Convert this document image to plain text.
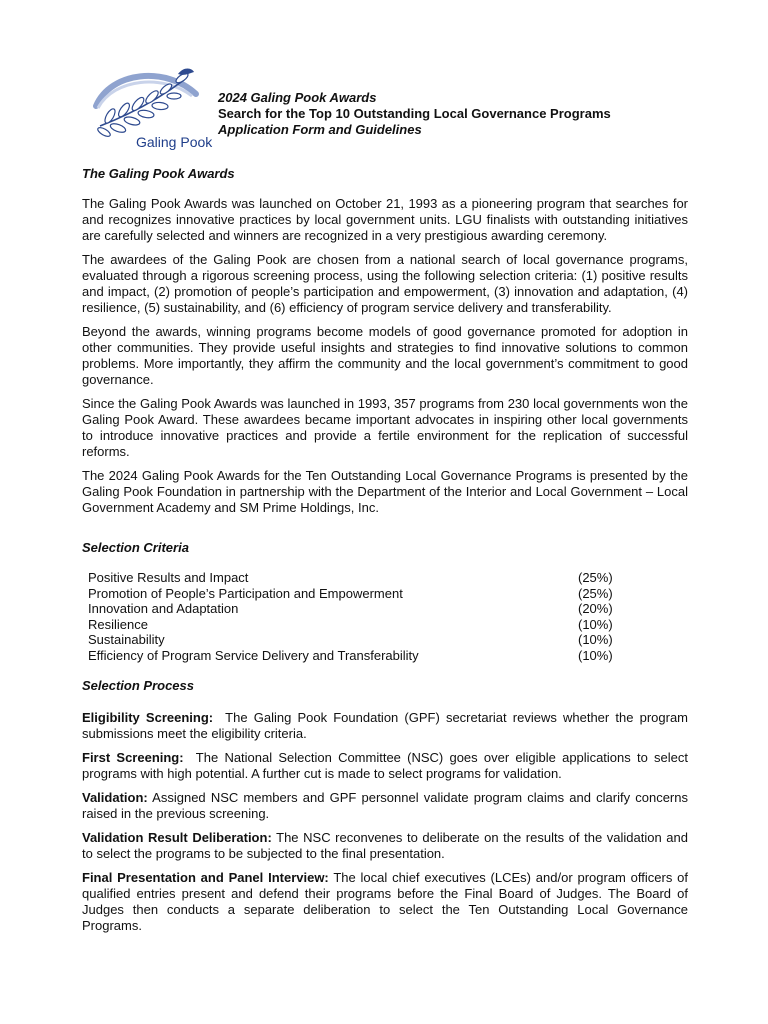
Galing Pook
2024 Galing Pook Awards
Search for the Top 10 Outstanding Local Governance Programs
Application Form and Guidelines

The Galing Pook Awards

The Galing Pook Awards was launched on October 21, 1993 as a pioneering program that searches for and recognizes innovative practices by local government units. LGU finalists with outstanding initiatives are carefully selected and winners are recognized in a very prestigious awarding ceremony.

The awardees of the Galing Pook are chosen from a national search of local governance programs, evaluated through a rigorous screening process, using the following selection criteria: (1) positive results and impact, (2) promotion of people’s participation and empowerment, (3) innovation and adaptation, (4) resilience, (5) sustainability, and (6) efficiency of program service delivery and transferability.

Beyond the awards, winning programs become models of good governance promoted for adoption in other communities. They provide useful insights and strategies to find innovative solutions to common problems. More importantly, they affirm the community and the local government’s commitment to good governance.

Since the Galing Pook Awards was launched in 1993, 357 programs from 230 local governments won the Galing Pook Award. These awardees became important advocates in inspiring other local governments to introduce innovative practices and provide a fertile environment for the replication of successful reforms.

The 2024 Galing Pook Awards for the Ten Outstanding Local Governance Programs is presented by the Galing Pook Foundation in partnership with the Department of the Interior and Local Government – Local Government Academy and SM Prime Holdings, Inc.

Selection Criteria

Positive Results and Impact	(25%)
Promotion of People’s Participation and Empowerment	(25%)
Innovation and Adaptation	(20%)
Resilience	(10%)
Sustainability	(10%)
Efficiency of Program Service Delivery and Transferability	(10%)

Selection Process

Eligibility Screening:  The Galing Pook Foundation (GPF) secretariat reviews whether the program submissions meet the eligibility criteria.

First Screening:  The National Selection Committee (NSC) goes over eligible applications to select programs with high potential. A further cut is made to select programs for validation.

Validation: Assigned NSC members and GPF personnel validate program claims and clarify concerns raised in the previous screening.

Validation Result Deliberation: The NSC reconvenes to deliberate on the results of the validation and to select the programs to be subjected to the final presentation.

Final Presentation and Panel Interview: The local chief executives (LCEs) and/or program officers of qualified entries present and defend their programs before the Final Board of Judges. The Board of Judges then conducts a separate deliberation to select the Ten Outstanding Local Governance Programs.
